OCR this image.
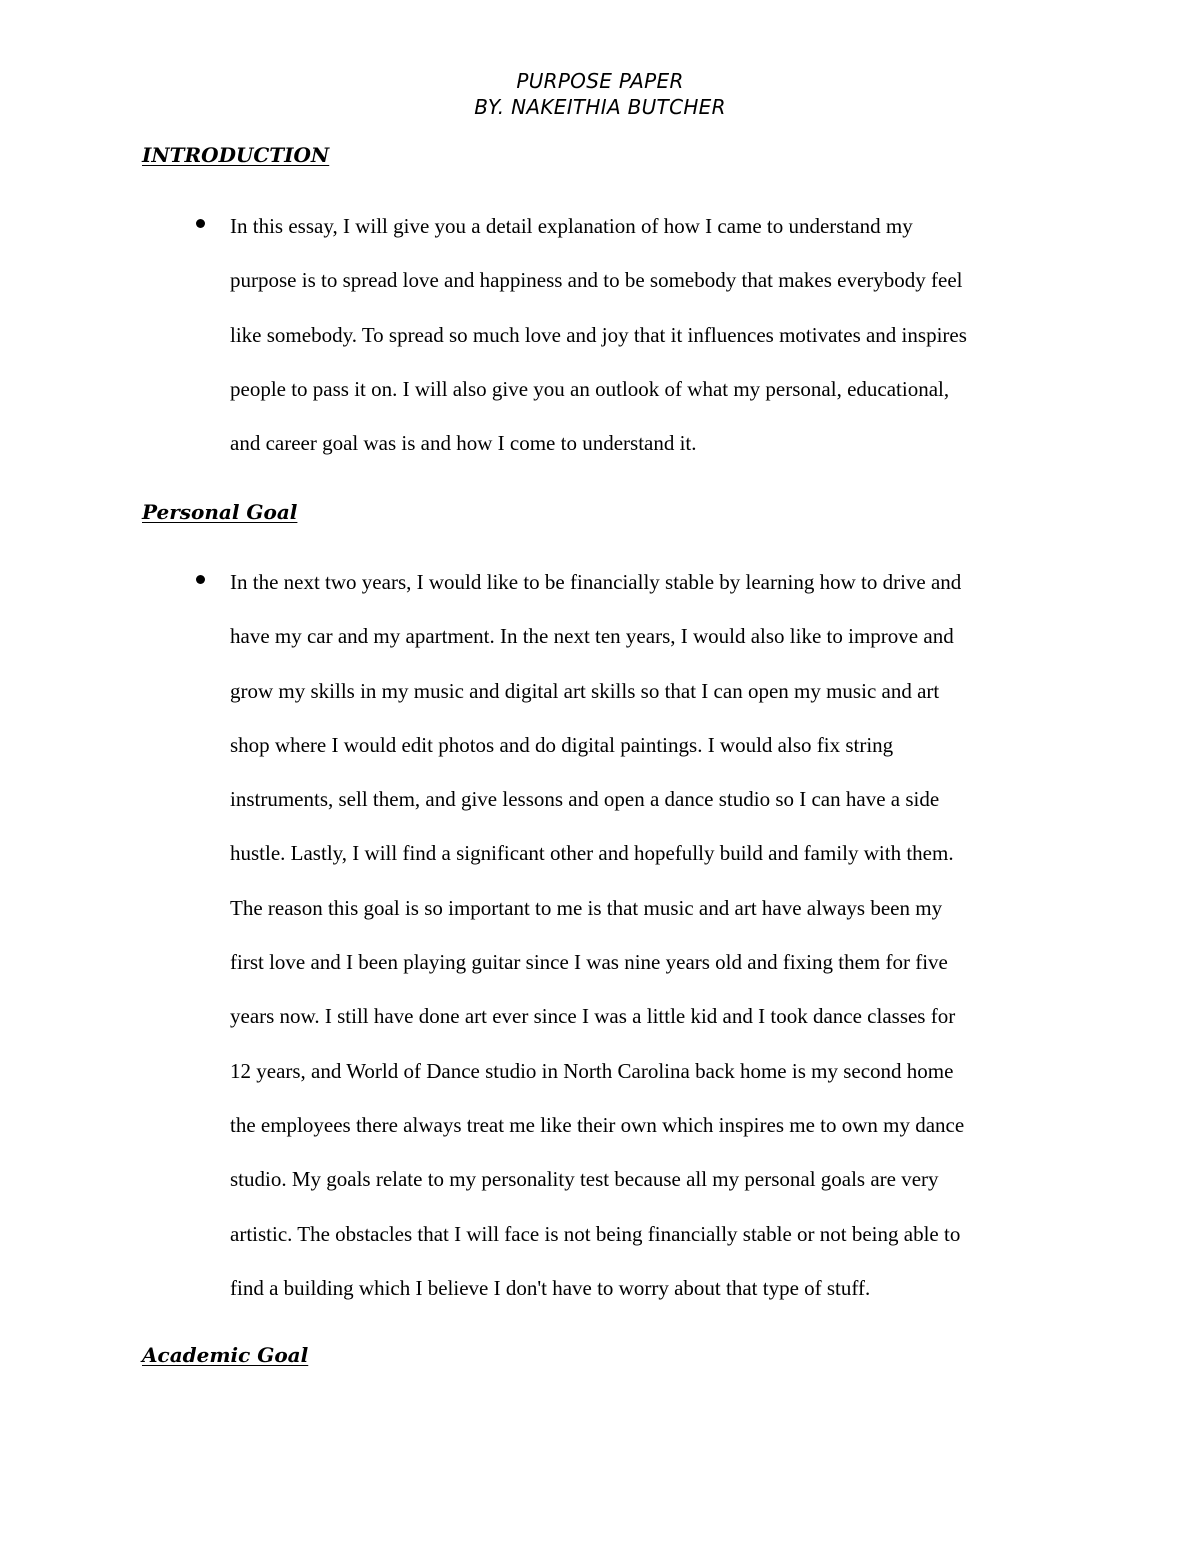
PURPOSE PAPER
BY. NAKEITHIA BUTCHER
INTRODUCTION
In this essay, I will give you a detail explanation of how I came to understand my
purpose is to spread love and happiness and to be somebody that makes everybody feel
like somebody. To spread so much love and joy that it influences motivates and inspires
people to pass it on. I will also give you an outlook of what my personal, educational,
and career goal was is and how I come to understand it.
Personal Goal
In the next two years, I would like to be financially stable by learning how to drive and
have my car and my apartment. In the next ten years, I would also like to improve and
grow my skills in my music and digital art skills so that I can open my music and art
shop where I would edit photos and do digital paintings. I would also fix string
instruments, sell them, and give lessons and open a dance studio so I can have a side
hustle. Lastly, I will find a significant other and hopefully build and family with them.
The reason this goal is so important to me is that music and art have always been my
first love and I been playing guitar since I was nine years old and fixing them for five
years now. I still have done art ever since I was a little kid and I took dance classes for
12 years, and World of Dance studio in North Carolina back home is my second home
the employees there always treat me like their own which inspires me to own my dance
studio. My goals relate to my personality test because all my personal goals are very
artistic. The obstacles that I will face is not being financially stable or not being able to
find a building which I believe I don't have to worry about that type of stuff.
Academic Goal
